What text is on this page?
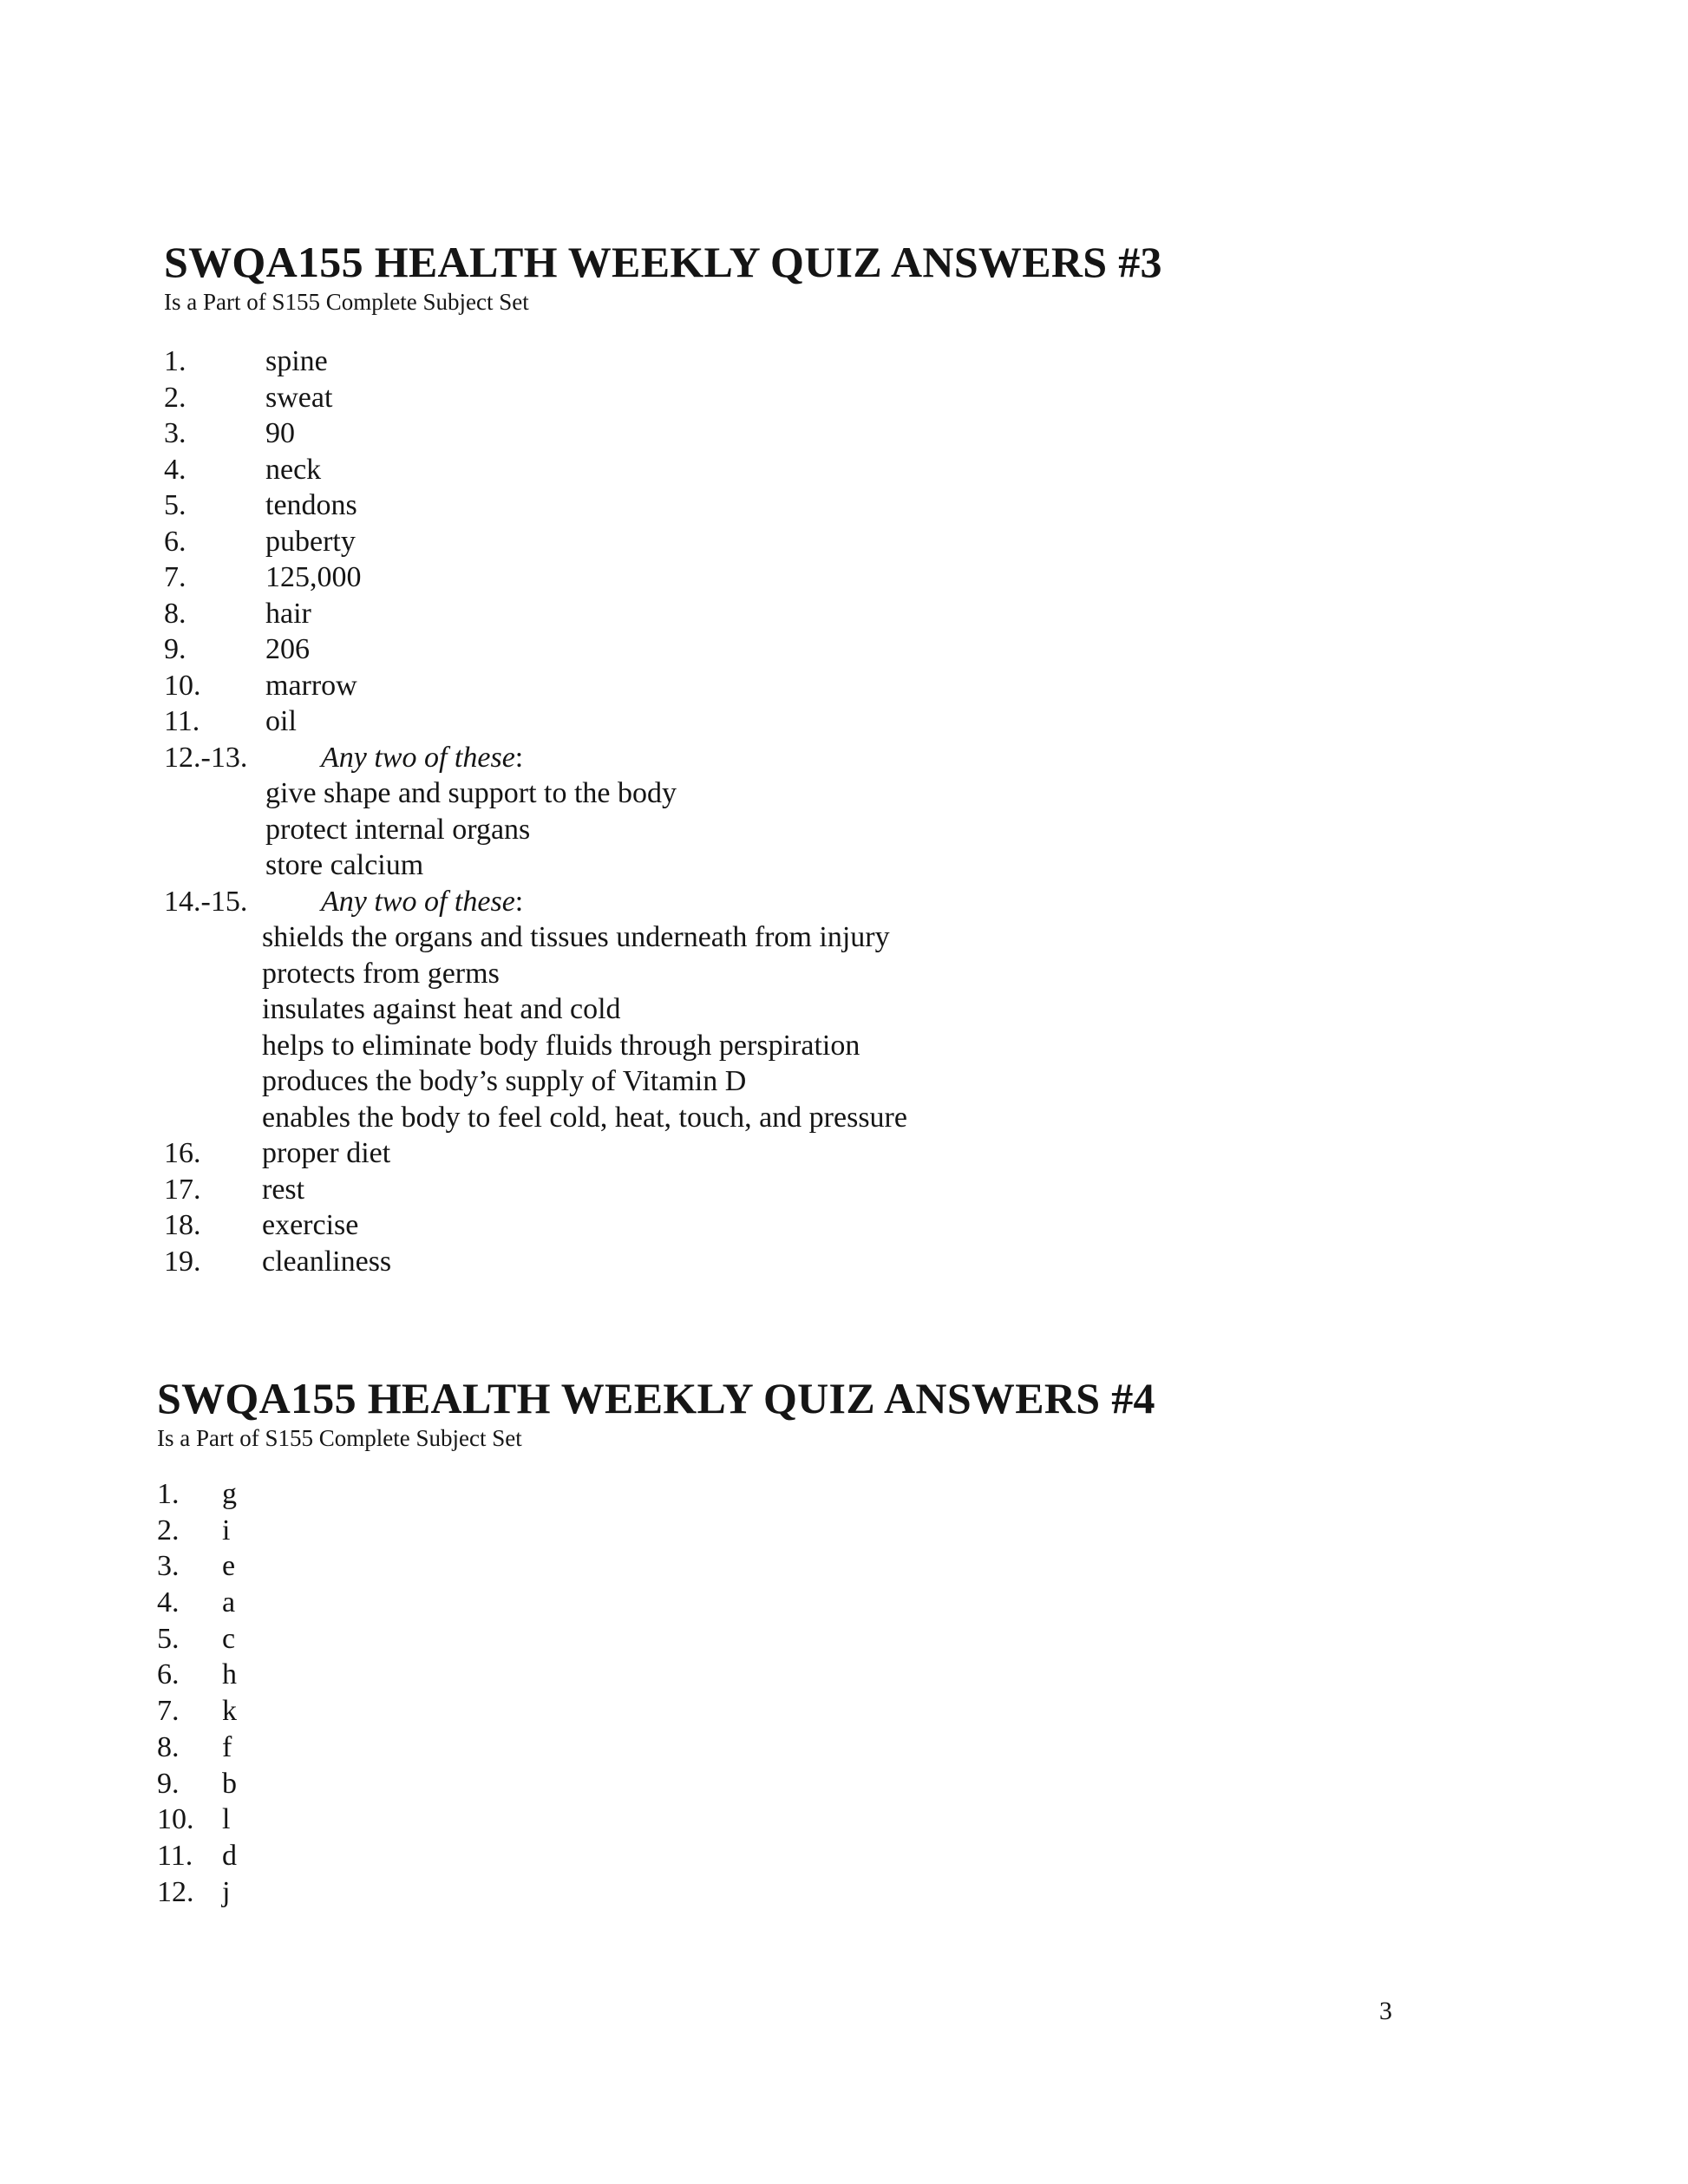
SWQA155 HEALTH WEEKLY QUIZ ANSWERS #3
Is a Part of S155 Complete Subject Set
1.	spine
2.	sweat
3.	90
4.	neck
5.	tendons
6.	puberty
7.	125,000
8.	hair
9.	206
10. marrow
11. oil
12.-13. Any two of these:
give shape and support to the body
protect internal organs
store calcium
14.-15. Any two of these:
shields the organs and tissues underneath from injury
protects from germs
insulates against heat and cold
helps to eliminate body fluids through perspiration
produces the body’s supply of Vitamin D
enables the body to feel cold, heat, touch, and pressure
16. proper diet
17. rest
18. exercise
19. cleanliness
SWQA155 HEALTH WEEKLY QUIZ ANSWERS #4
Is a Part of S155 Complete Subject Set
1. g
2. i
3. e
4. a
5. c
6. h
7. k
8. f
9. b
10. l
11. d
12. j
3
